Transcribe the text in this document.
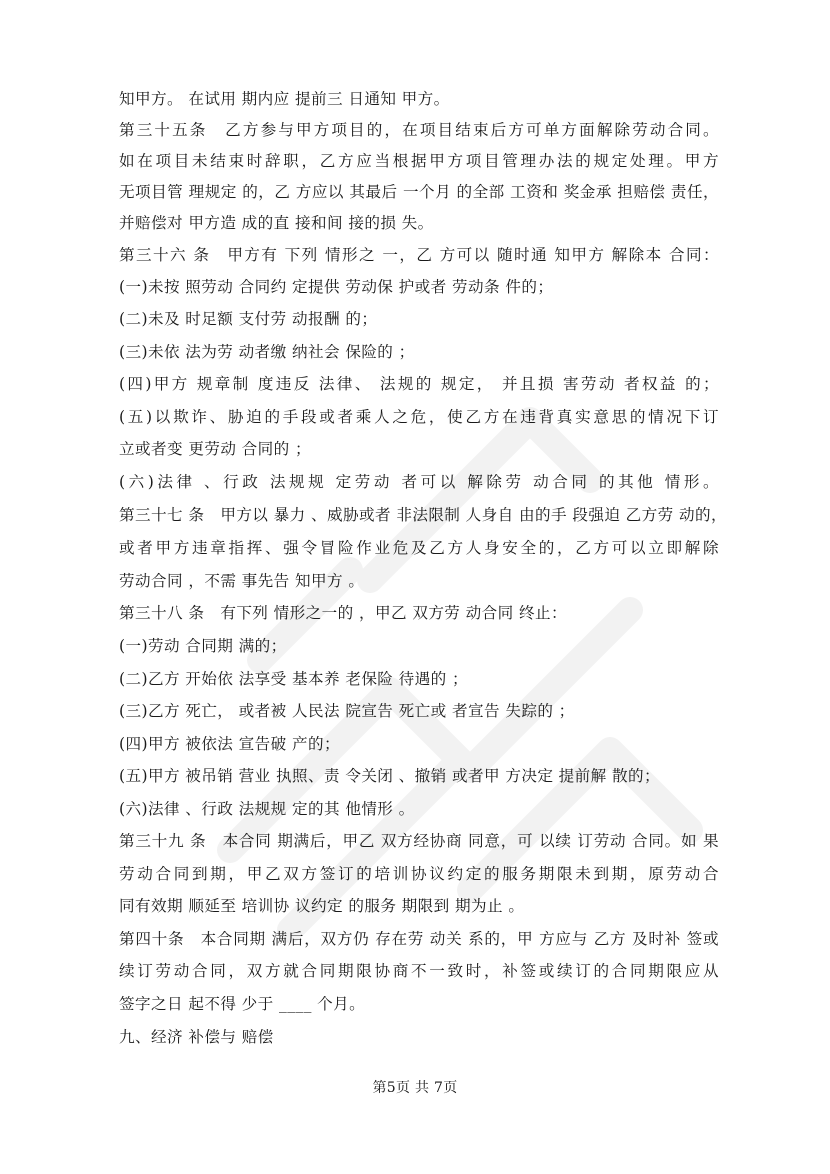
知甲方。 在试用 期内应 提前三 日通知 甲方。
第三十五条　乙方参与甲方项目的，在项目结束后方可单方面解除劳动合同。
如在项目未结束时辞职，乙方应当根据甲方项目管理办法的规定处理。甲方
无项目管 理规定 的，乙 方应以 其最后 一个月 的全部 工资和 奖金承 担赔偿 责任，
并赔偿对 甲方造 成的直 接和间 接的损 失。
第三十六 条　甲方有 下列 情形之 一，乙 方可以 随时通 知甲方 解除本 合同：
(一)未按 照劳动 合同约 定提供 劳动保 护或者 劳动条 件的；
(二)未及 时足额 支付劳 动报酬 的；
(三)未依 法为劳 动者缴 纳社会 保险的 ；
(四)甲方 规章制 度违反 法律、 法规的 规定， 并且损 害劳动 者权益 的；
(五)以欺诈、胁迫的手段或者乘人之危，使乙方在违背真实意思的情况下订
立或者变 更劳动 合同的 ；
(六)法律 、行政 法规规 定劳动 者可以 解除劳 动合同 的其他 情形。
第三十七 条　甲方以 暴力 、威胁或者 非法限制 人身自 由的手 段强迫 乙方劳 动的，
或者甲方违章指挥、强令冒险作业危及乙方人身安全的，乙方可以立即解除
劳动合同 ，不需 事先告 知甲方 。
第三十八 条　有下列 情形之一的 ，甲乙 双方劳 动合同 终止：
(一)劳动 合同期 满的；
(二)乙方 开始依 法享受 基本养 老保险 待遇的 ；
(三)乙方 死亡， 或者被 人民法 院宣告 死亡或 者宣告 失踪的 ；
(四)甲方 被依法 宣告破 产的；
(五)甲方 被吊销 营业 执照、责 令关闭 、撤销 或者甲 方决定 提前解 散的；
(六)法律 、行政 法规规 定的其 他情形 。
第三十九 条　本合同 期满后，甲乙 双方经协商 同意，可 以续 订劳动 合同。如 果
劳动合同到期，甲乙双方签订的培训协议约定的服务期限未到期，原劳动合
同有效期 顺延至 培训协 议约定 的服务 期限到 期为止 。
第四十条　本合同期 满后，双方仍 存在劳 动关 系的，甲 方应与 乙方 及时补 签或
续订劳动合同，双方就合同期限协商不一致时，补签或续订的合同期限应从
签字之日 起不得 少于 ____ 个月。
九、经济 补偿与 赔偿
第5页 共 7页
